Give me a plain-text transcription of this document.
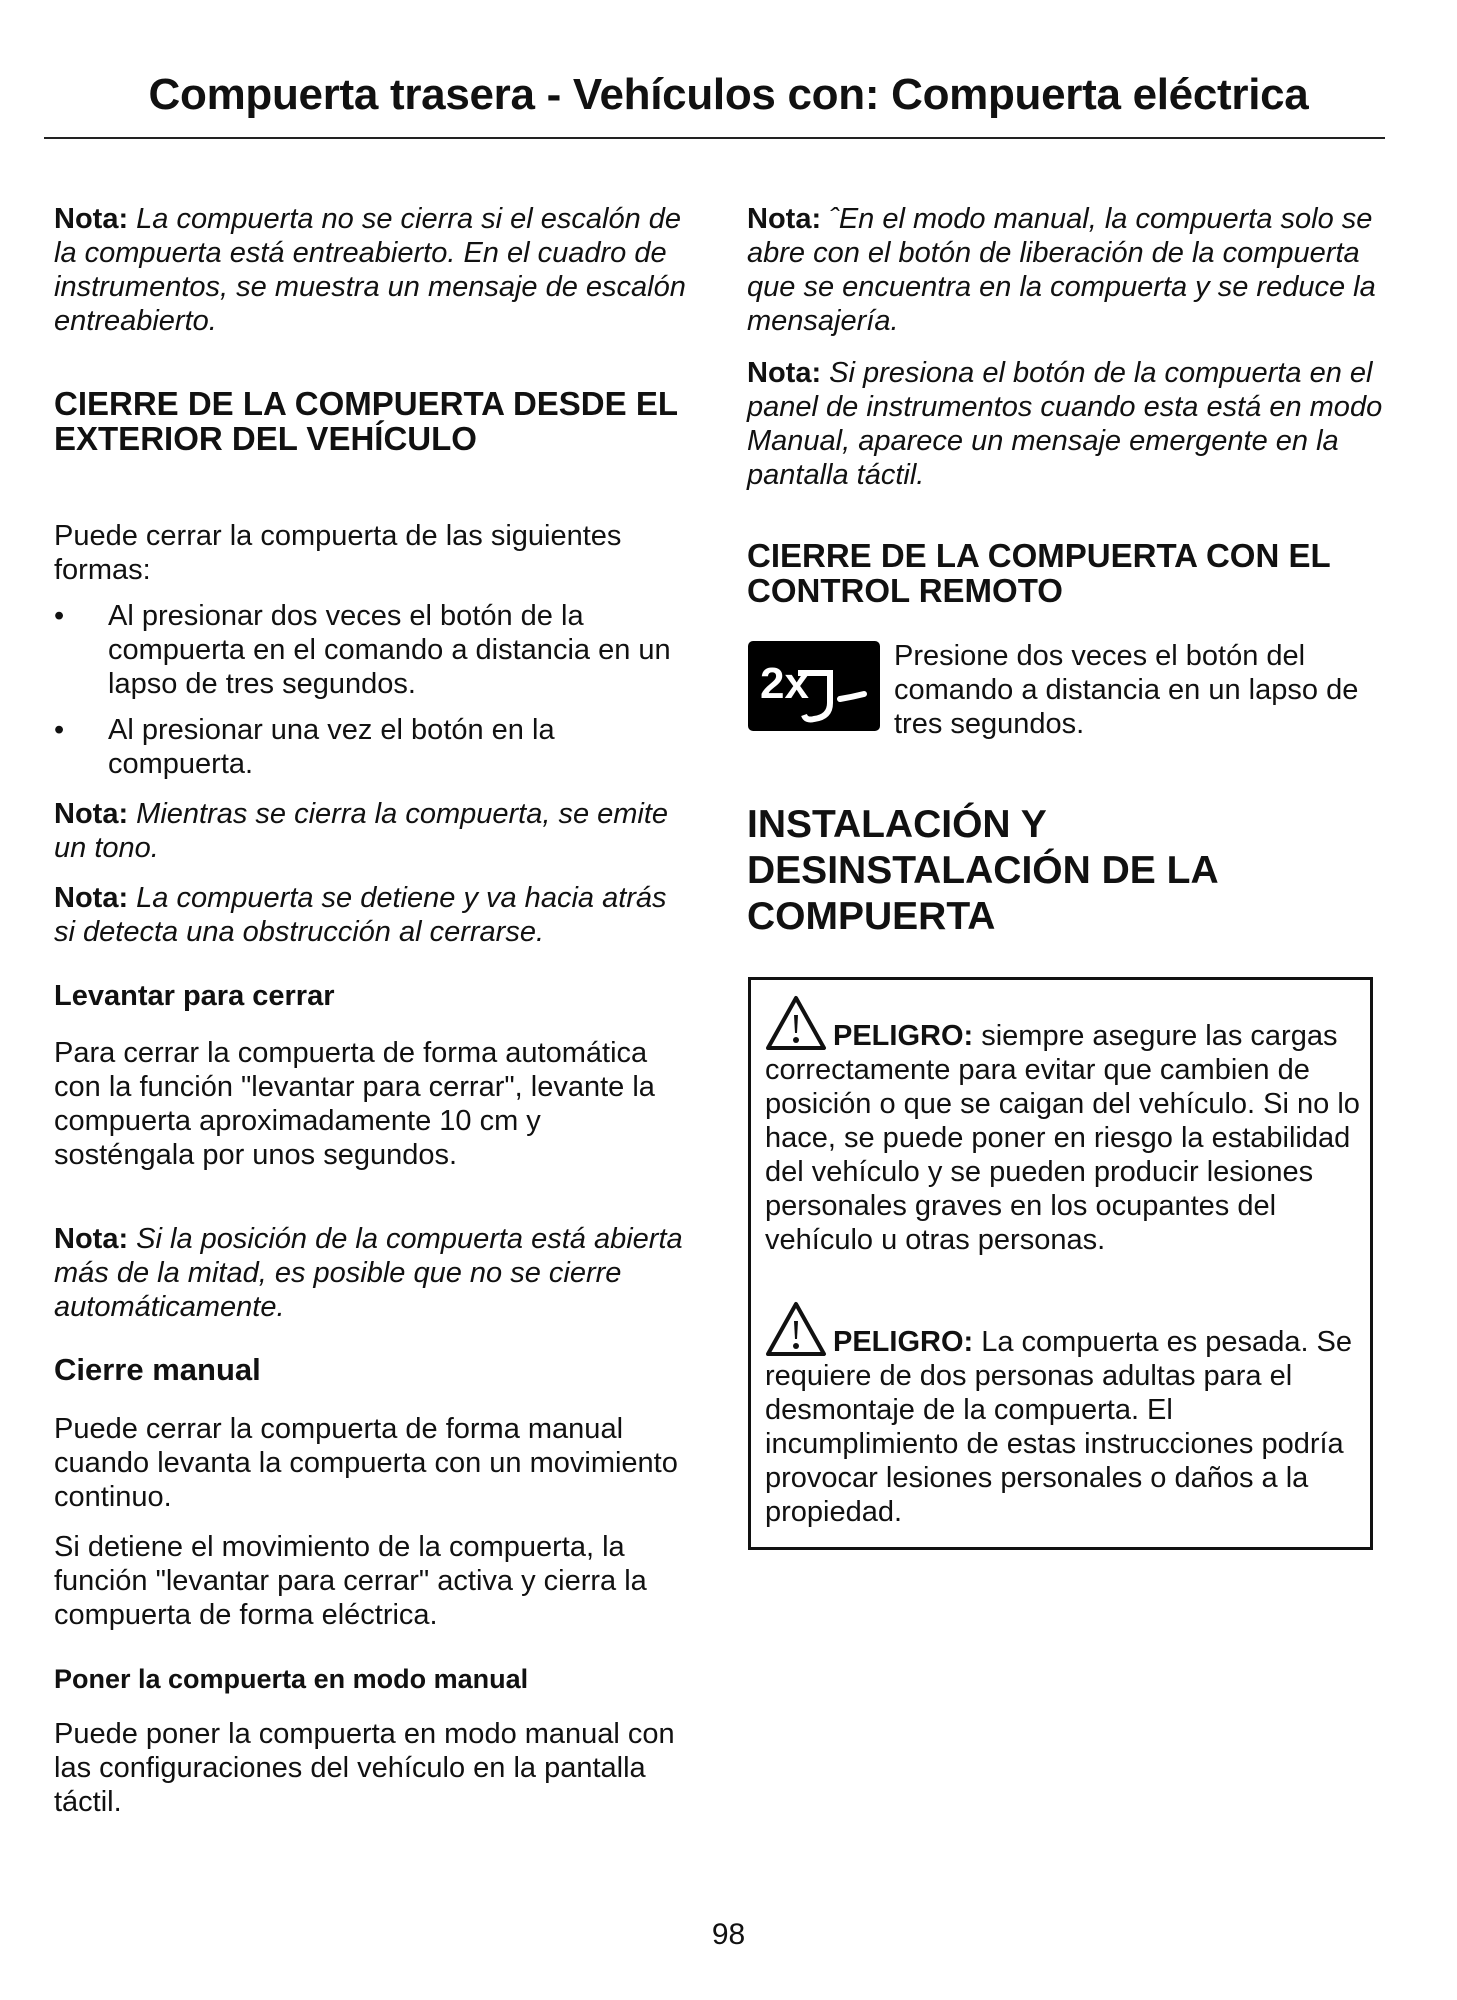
Compuerta trasera - Vehículos con: Compuerta eléctrica
Nota: La compuerta no se cierra si el escalón de la compuerta está entreabierto. En el cuadro de instrumentos, se muestra un mensaje de escalón entreabierto.
CIERRE DE LA COMPUERTA DESDE EL EXTERIOR DEL VEHÍCULO
Puede cerrar la compuerta de las siguientes formas:
• Al presionar dos veces el botón de la compuerta en el comando a distancia en un lapso de tres segundos.
• Al presionar una vez el botón en la compuerta.
Nota: Mientras se cierra la compuerta, se emite un tono.
Nota: La compuerta se detiene y va hacia atrás si detecta una obstrucción al cerrarse.
Levantar para cerrar
Para cerrar la compuerta de forma automática con la función "levantar para cerrar", levante la compuerta aproximadamente 10 cm y sosténgala por unos segundos.
Nota: Si la posición de la compuerta está abierta más de la mitad, es posible que no se cierre automáticamente.
Cierre manual
Puede cerrar la compuerta de forma manual cuando levanta la compuerta con un movimiento continuo.
Si detiene el movimiento de la compuerta, la función "levantar para cerrar" activa y cierra la compuerta de forma eléctrica.
Poner la compuerta en modo manual
Puede poner la compuerta en modo manual con las configuraciones del vehículo en la pantalla táctil.
Nota: ˆEn el modo manual, la compuerta solo se abre con el botón de liberación de la compuerta que se encuentra en la compuerta y se reduce la mensajería.
Nota: Si presiona el botón de la compuerta en el panel de instrumentos cuando esta está en modo Manual, aparece un mensaje emergente en la pantalla táctil.
CIERRE DE LA COMPUERTA CON EL CONTROL REMOTO
2x
Presione dos veces el botón del comando a distancia en un lapso de tres segundos.
INSTALACIÓN Y DESINSTALACIÓN DE LA COMPUERTA
PELIGRO: siempre asegure las cargas correctamente para evitar que cambien de posición o que se caigan del vehículo. Si no lo hace, se puede poner en riesgo la estabilidad del vehículo y se pueden producir lesiones personales graves en los ocupantes del vehículo u otras personas.
PELIGRO: La compuerta es pesada. Se requiere de dos personas adultas para el desmontaje de la compuerta. El incumplimiento de estas instrucciones podría provocar lesiones personales o daños a la propiedad.
98
